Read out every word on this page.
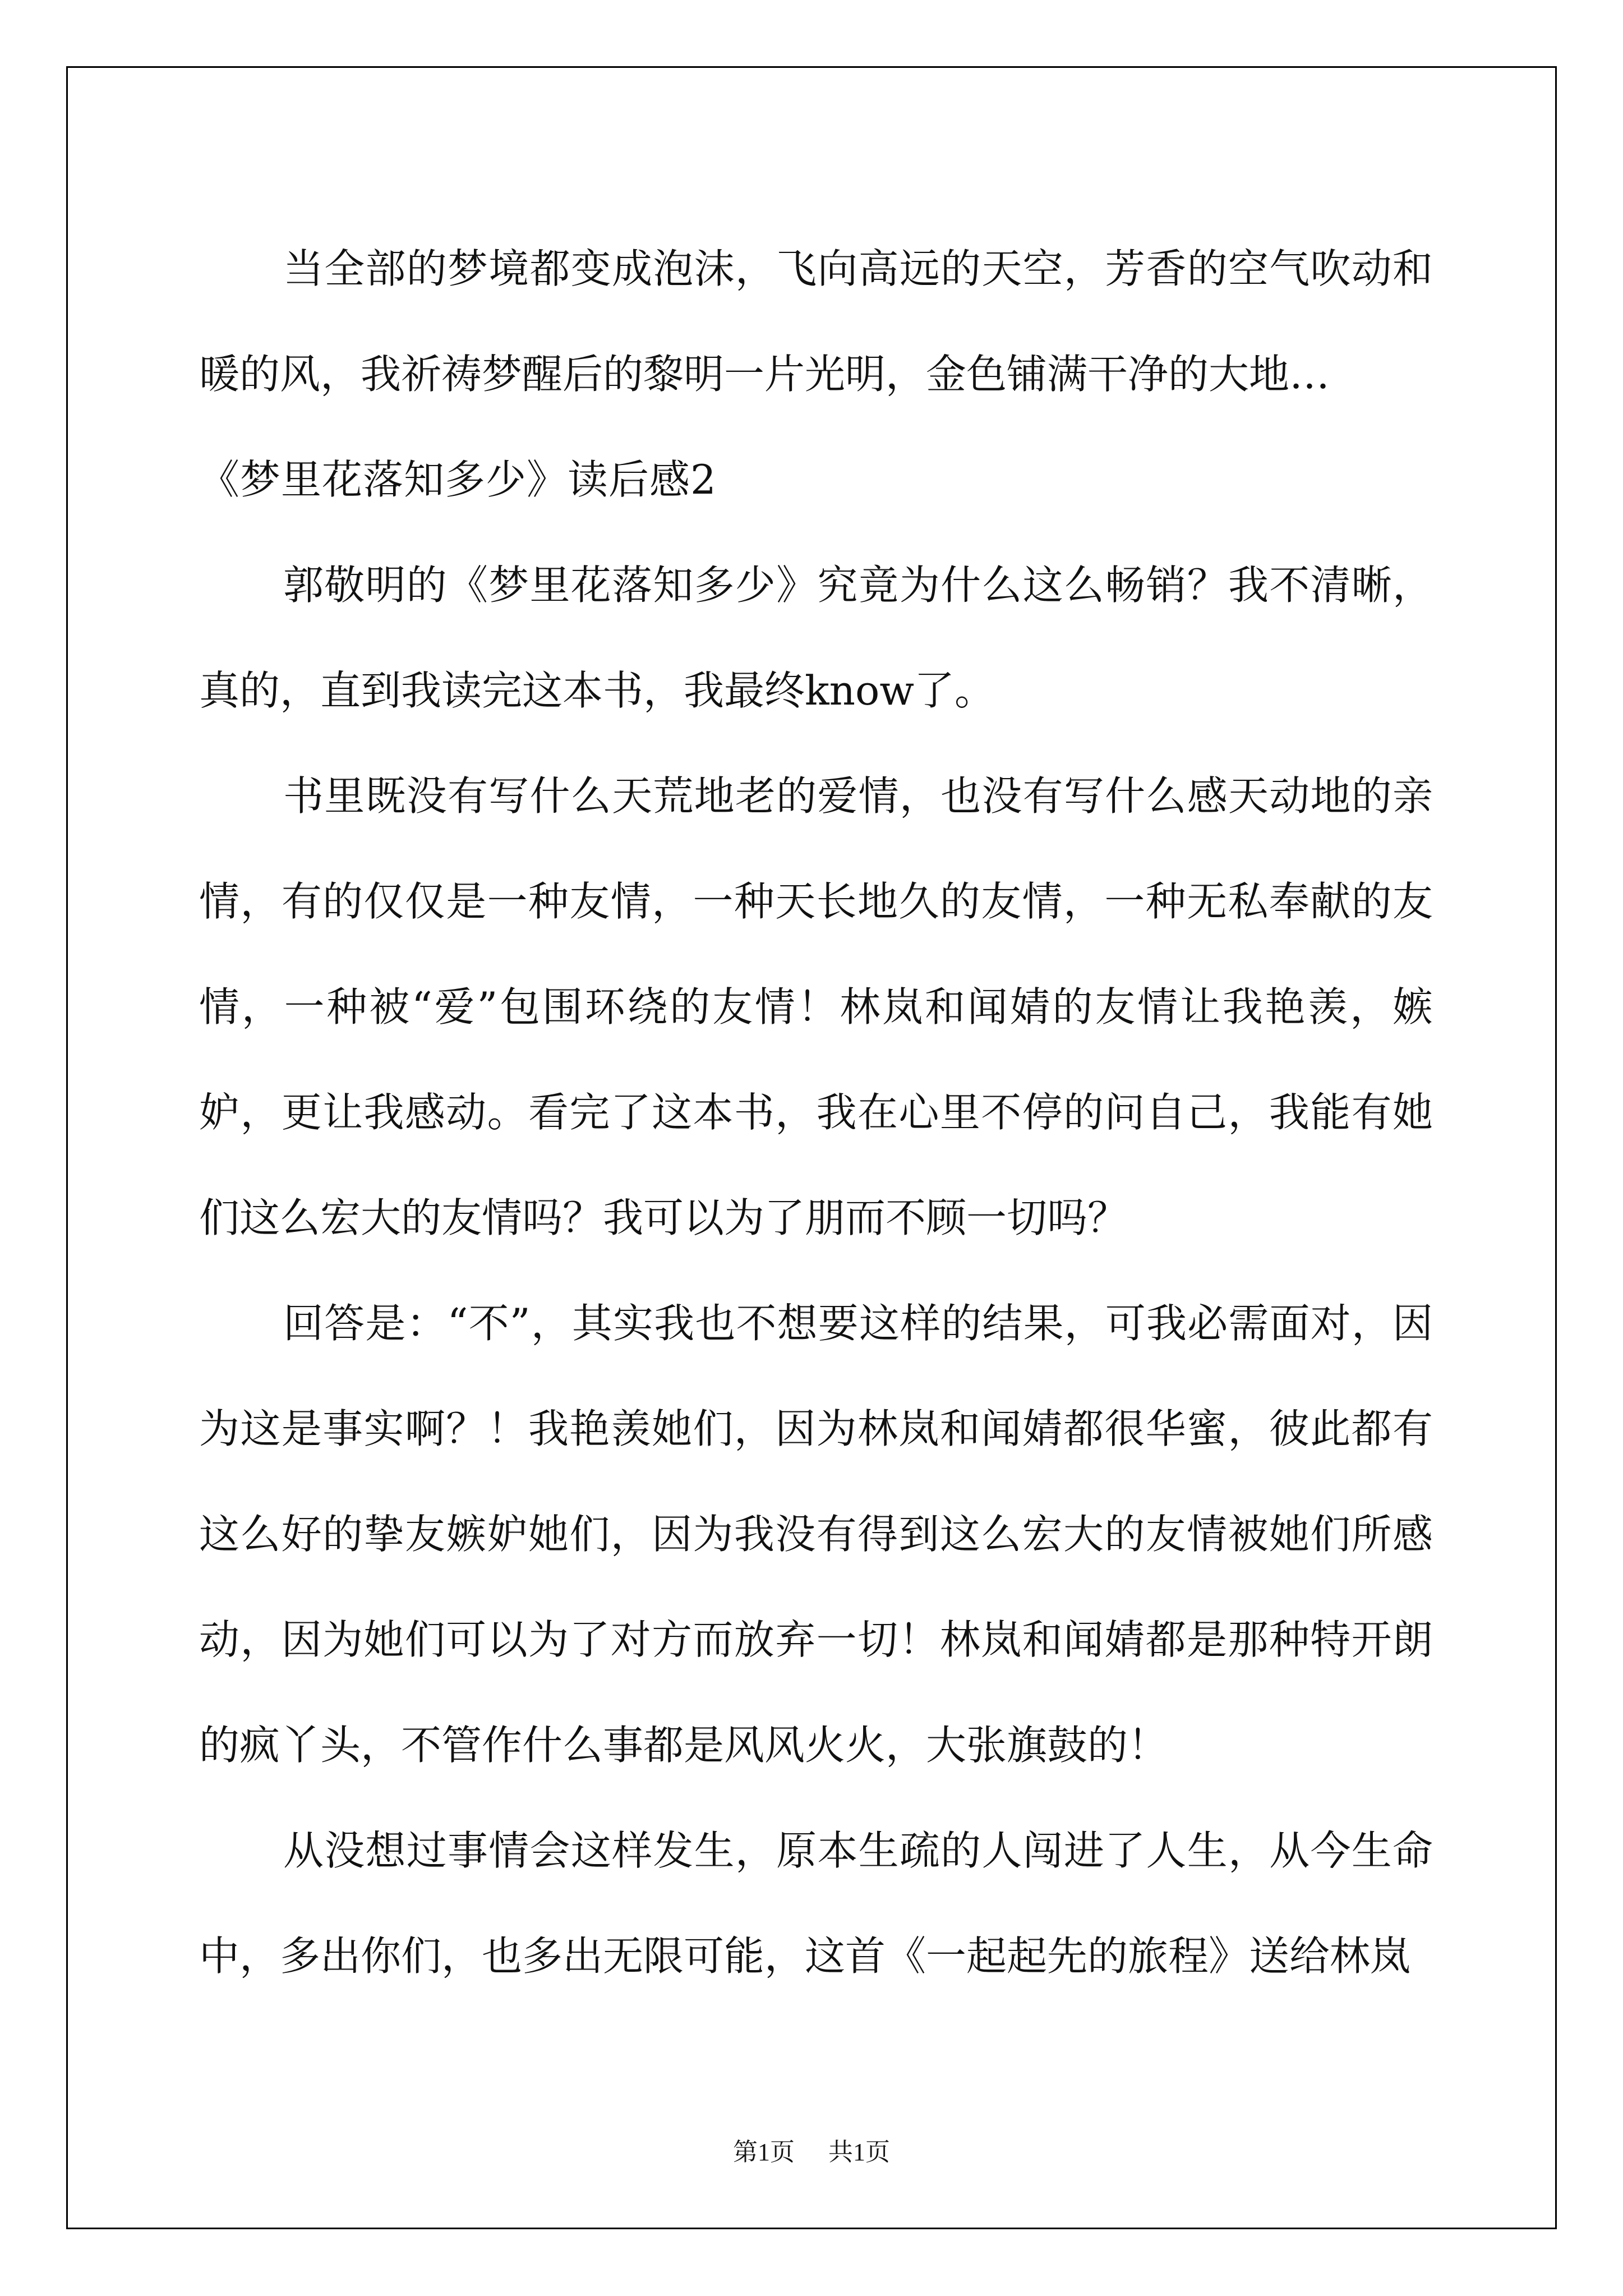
当全部的梦境都变成泡沫，飞向高远的天空，芳香的空气吹动和暖的风，我祈祷梦醒后的黎明一片光明，金色铺满干净的大地…

《梦里花落知多少》读后感2

郭敬明的《梦里花落知多少》究竟为什么这么畅销？我不清晰，真的，直到我读完这本书，我最终know了。

书里既没有写什么天荒地老的爱情，也没有写什么感天动地的亲情，有的仅仅是一种友情，一种天长地久的友情，一种无私奉献的友情，一种被“爱”包围环绕的友情！林岚和闻婧的友情让我艳羡，嫉妒，更让我感动。看完了这本书，我在心里不停的问自己，我能有她们这么宏大的友情吗？我可以为了朋而不顾一切吗？

回答是：“不”，其实我也不想要这样的结果，可我必需面对，因为这是事实啊？！我艳羡她们，因为林岚和闻婧都很华蜜，彼此都有这么好的挚友嫉妒她们，因为我没有得到这么宏大的友情被她们所感动，因为她们可以为了对方而放弃一切！林岚和闻婧都是那种特开朗的疯丫头，不管作什么事都是风风火火，大张旗鼓的！

从没想过事情会这样发生，原本生疏的人闯进了人生，从今生命中，多出你们，也多出无限可能，这首《一起起先的旅程》送给林岚

第1页 共1页
